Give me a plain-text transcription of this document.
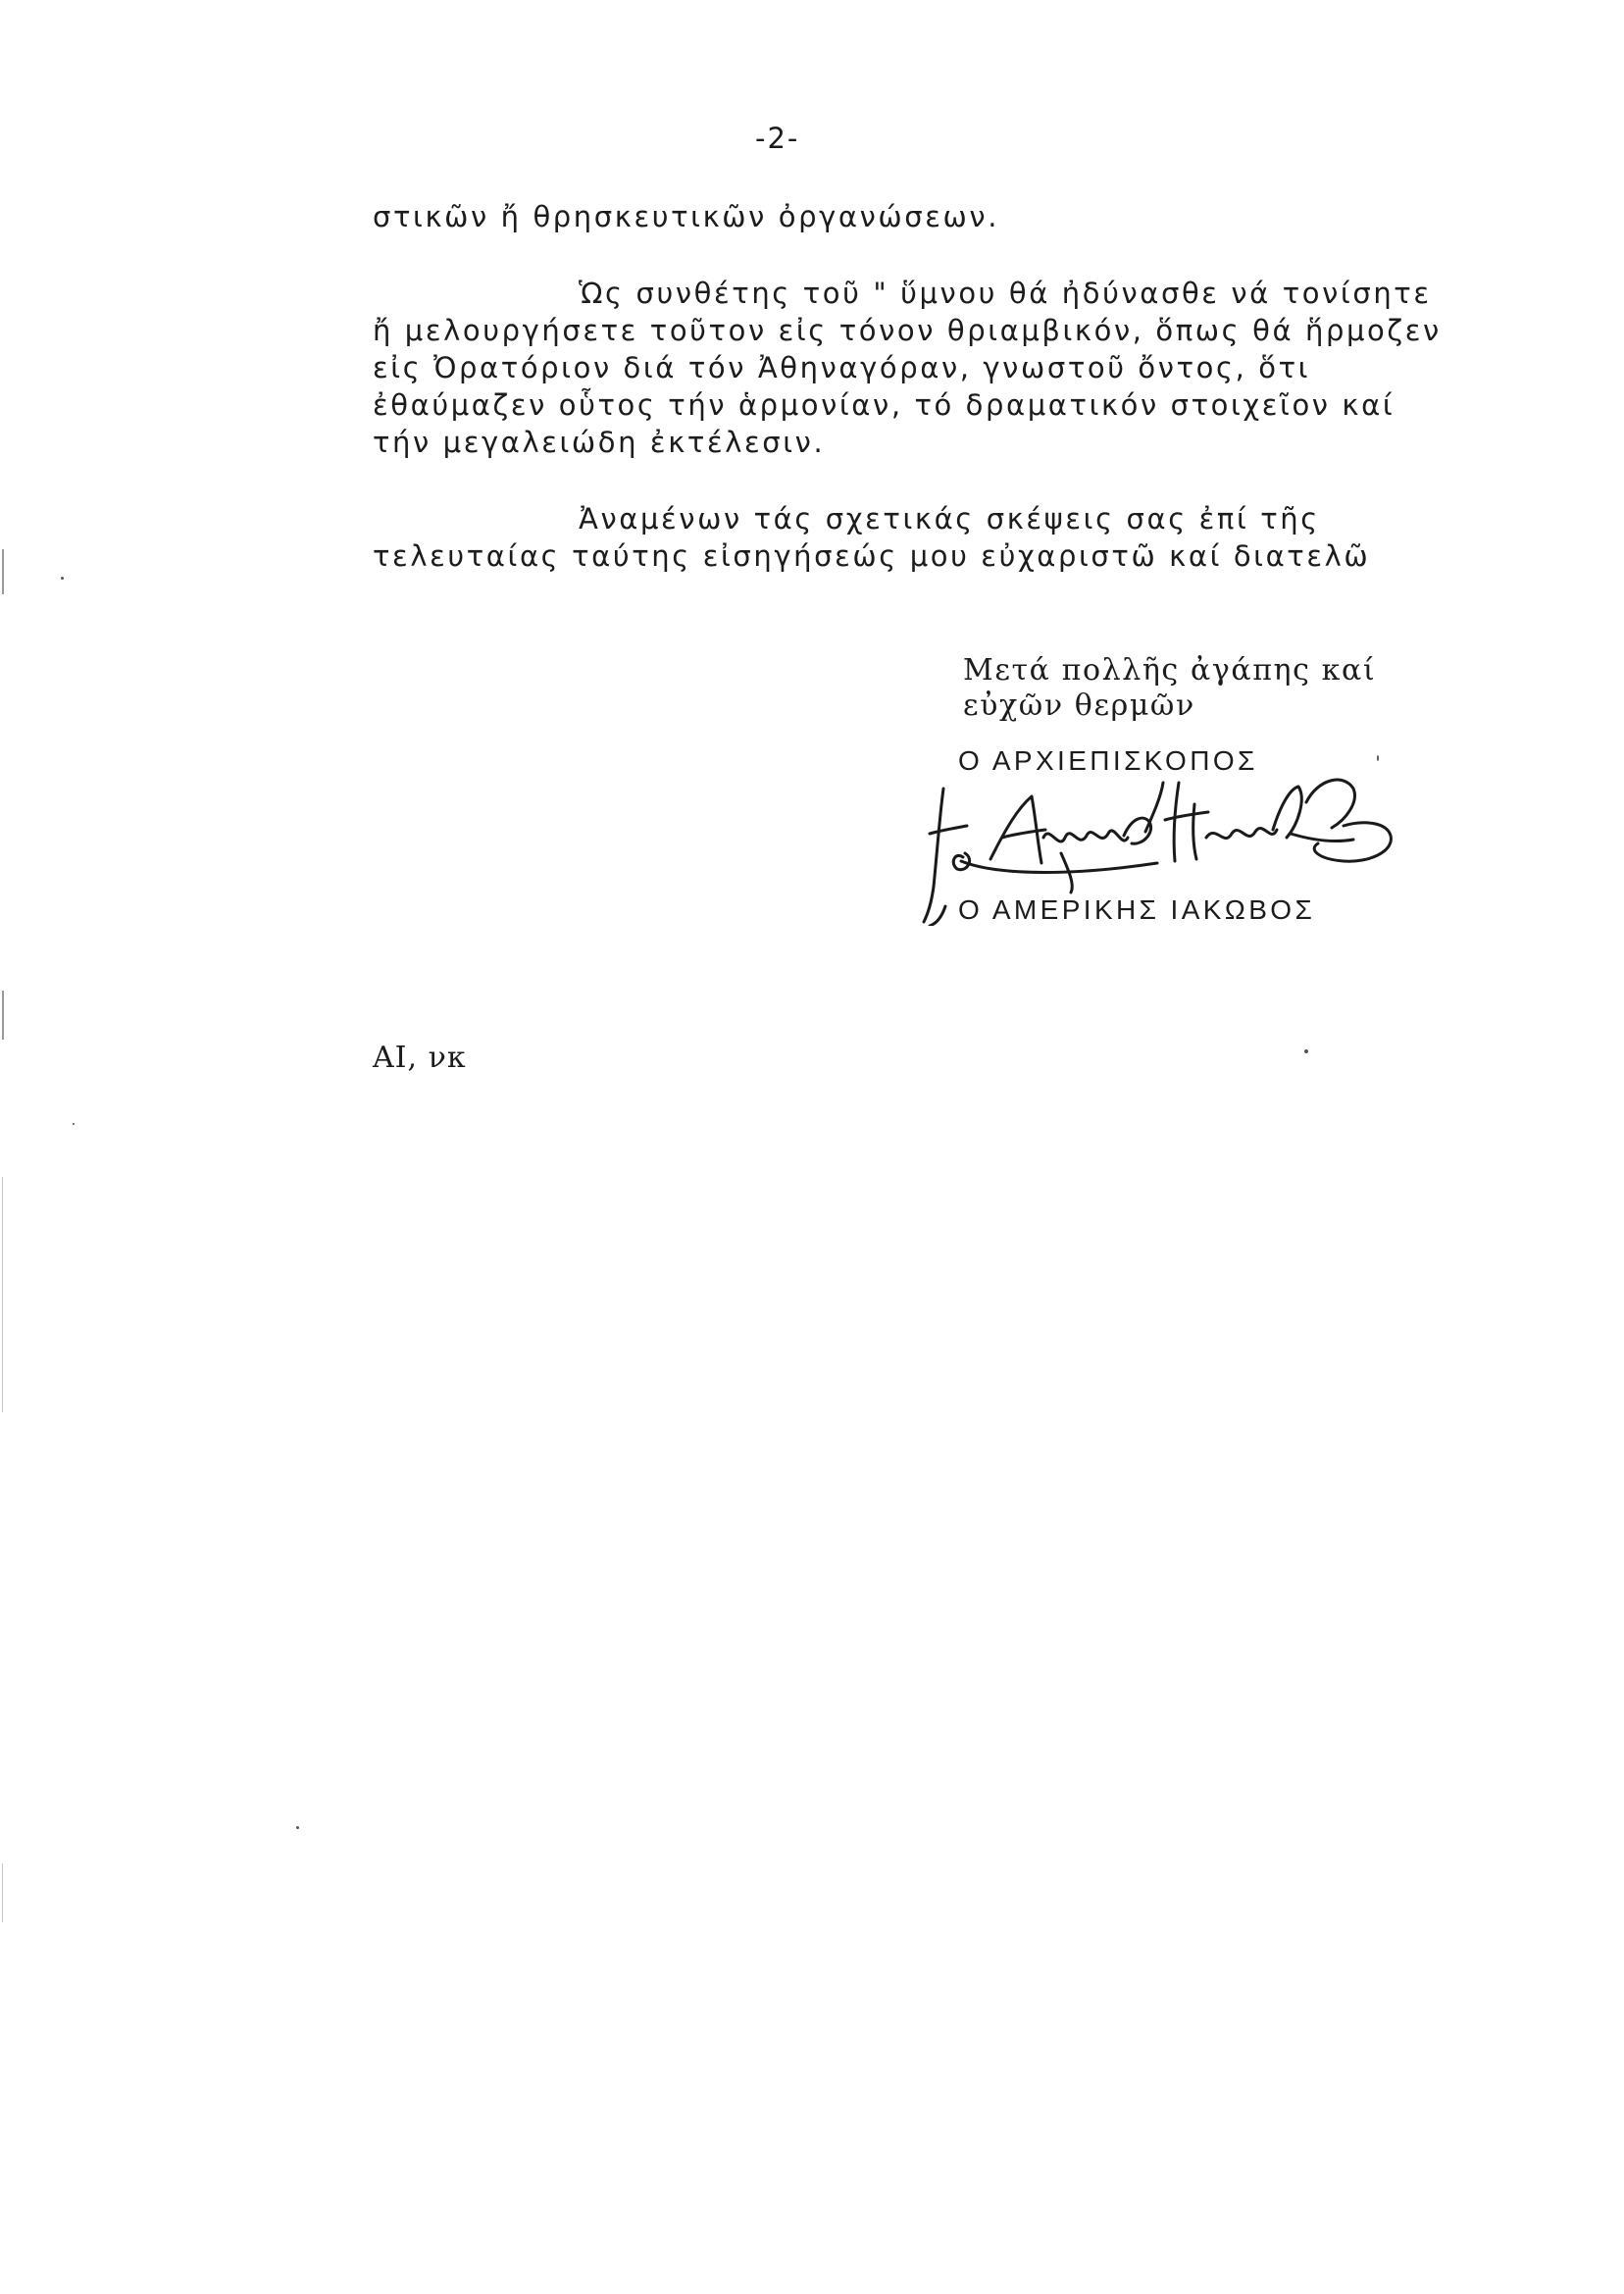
-2-
στικῶν ἤ θρησκευτικῶν ὀργανώσεων.
Ὡς συνθέτης τοῦ " ὕμνου θά ἠδύνασθε νά τονίσητε
ἤ μελουργήσετε τοῦτον εἰς τόνον θριαμβικόν, ὅπως θά ἥρμοζεν
εἰς Ὀρατόριον διά τόν Ἀθηναγόραν, γνωστοῦ ὄντος, ὅτι
ἐθαύμαζεν οὗτος τήν ἁρμονίαν, τό δραματικόν στοιχεῖον καί
τήν μεγαλειώδη ἐκτέλεσιν.
Ἀναμένων τάς σχετικάς σκέψεις σας ἐπί τῆς
τελευταίας ταύτης εἰσηγήσεώς μου εὐχαριστῶ καί διατελῶ
Μετά πολλῆς ἀγάπης καί
εὐχῶν θερμῶν
Ο ΑΡΧΙΕΠΙΣΚΟΠΟΣ
Ο ΑΜΕΡΙΚΗΣ ΙΑΚΩΒΟΣ
ΑΙ, νκ
